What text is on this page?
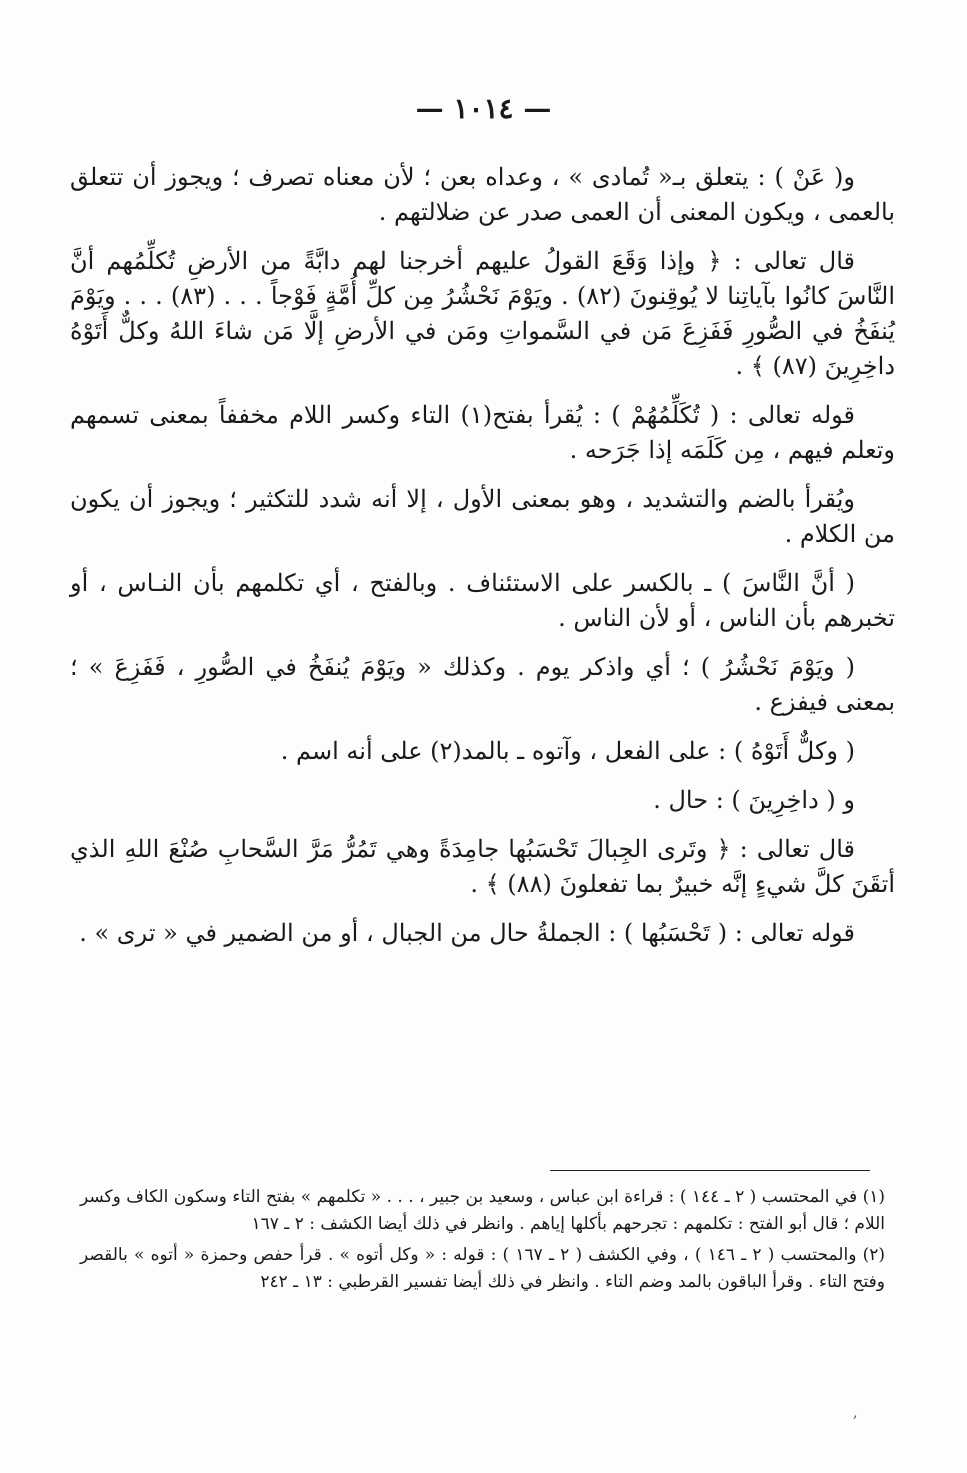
— ١٠١٤ —

و( عَنْ ) : يتعلق بـ« تُمادى » ، وعداه بعن ؛ لأن معناه تصرف ؛ ويجوز أن تتعلق بالعمى ، ويكون المعنى أن العمى صدر عن ضلالتهم .

قال تعالى : ﴿ وإذا وَقَعَ القولُ عليهم أخرجنا لهم دابَّةً من الأرضِ تُكلِّمُهم أنَّ النَّاسَ كانُوا بآياتِنا لا يُوقِنونَ (٨٢) . ويَوْمَ نَحْشُرُ مِن كلِّ أُمَّةٍ فَوْجاً . . . (٨٣) . . . ويَوْمَ يُنفَخُ في الصُّورِ فَفَزِعَ مَن في السَّمواتِ ومَن في الأرضِ إلَّا مَن شاءَ اللهُ وكلٌّ أَتَوْهُ داخِرِينَ (٨٧) ﴾ .

قوله تعالى : ( تُكَلِّمُهُمْ ) : يُقرأ بفتح(١) التاء وكسر اللام مخففاً بمعنى تسمهم وتعلم فيهم ، مِن كَلَمَه إذا جَرَحه .

ويُقرأ بالضم والتشديد ، وهو بمعنى الأول ، إلا أنه شدد للتكثير ؛ ويجوز أن يكون من الكلام .

( أنَّ النَّاسَ ) ـ بالكسر على الاستئناف . وبالفتح ، أي تكلمهم بأن النـاس ، أو تخبرهم بأن الناس ، أو لأن الناس .

( ويَوْمَ نَحْشُرُ ) ؛ أي واذكر يوم . وكذلك « ويَوْمَ يُنفَخُ في الصُّورِ ، فَفَزِعَ » ؛ بمعنى فيفزع .

( وكلٌّ أَتَوْهُ ) : على الفعل ، وآتوه ـ بالمد(٢) على أنه اسم .

و ( داخِرِينَ ) : حال .

قال تعالى : ﴿ وتَرى الجِبالَ تَحْسَبُها جامِدَةً وهي تَمُرُّ مَرَّ السَّحابِ صُنْعَ اللهِ الذي أتقَنَ كلَّ شيءٍ إنَّه خبيرٌ بما تفعلونَ (٨٨) ﴾ .

قوله تعالى : ( تَحْسَبُها ) : الجملةُ حال من الجبال ، أو من الضمير في « ترى » .

(١) في المحتسب ( ٢ ـ ١٤٤ ) : قراءة ابن عباس ، وسعيد بن جبير ، . . . « تكلمهم » بفتح التاء وسكون الكاف وكسر اللام ؛ قال أبو الفتح : تكلمهم : تجرحهم بأكلها إياهم . وانظر في ذلك أيضا الكشف : ٢ ـ ١٦٧

(٢) والمحتسب ( ٢ ـ ١٤٦ ) ، وفي الكشف ( ٢ ـ ١٦٧ ) : قوله : « وكل أتوه » . قرأ حفص وحمزة « أتوه » بالقصر وفتح التاء . وقرأ الباقون بالمد وضم التاء . وانظر في ذلك أيضا تفسير القرطبي : ١٣ ـ ٢٤٢

,
